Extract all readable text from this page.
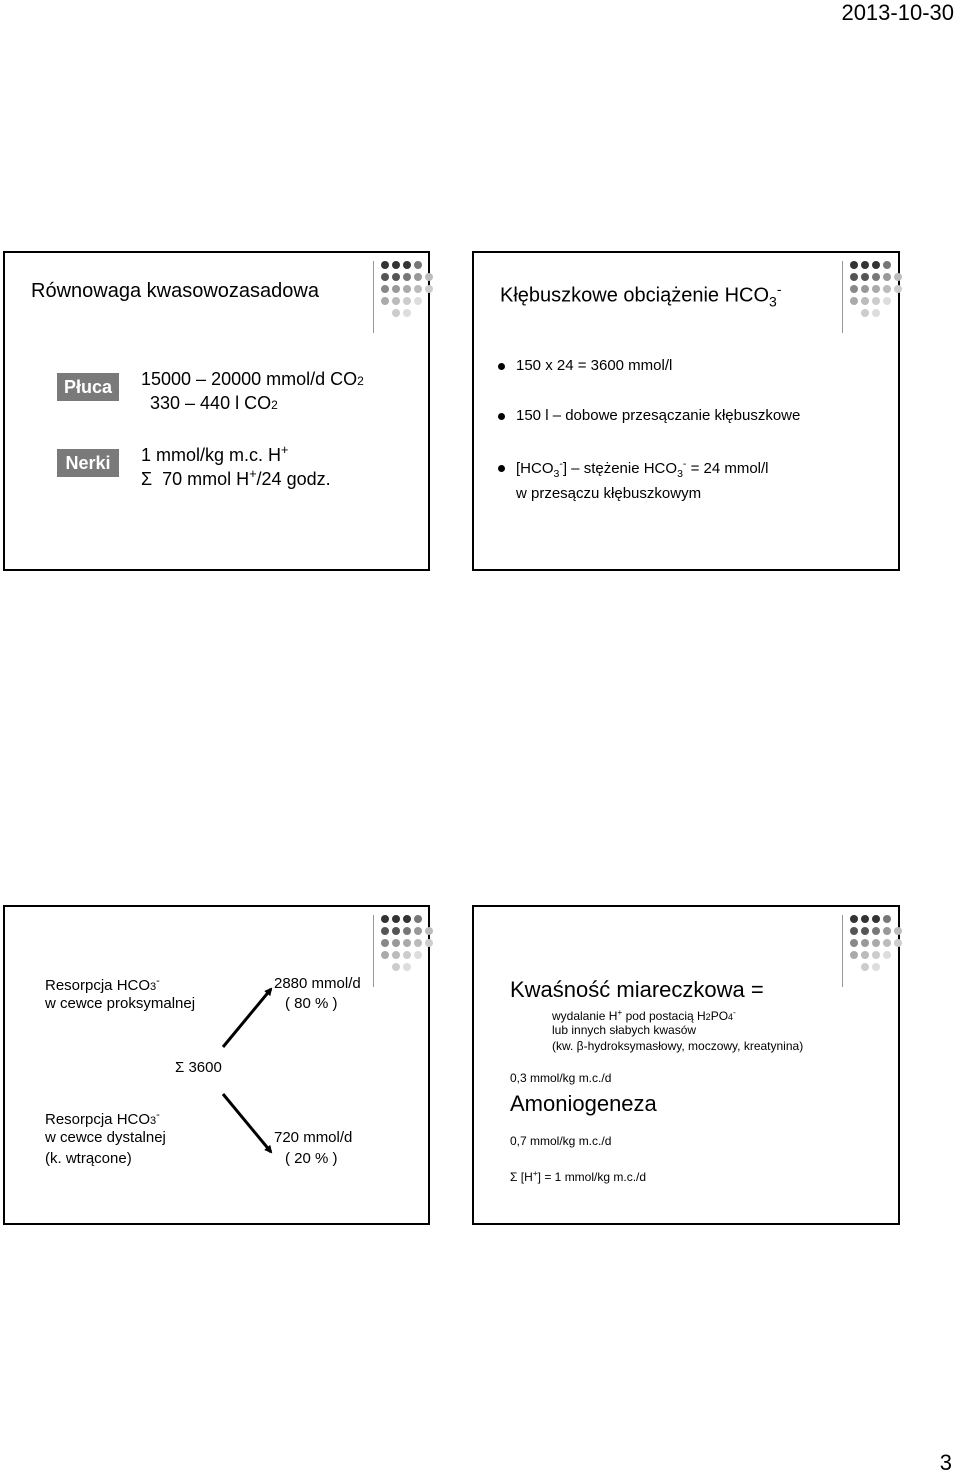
2013-10-30
3
Równowaga kwasowozasadowa
Płuca
Nerki
15000 – 20000 mmol/d CO2
330 – 440 l CO2
1 mmol/kg m.c. H+
Σ 70 mmol H+/24 godz.
Kłębuszkowe obciążenie $HCO_3^-$
150 x 24 = 3600 mmol/l
150 l – dobowe przesączanie kłębuszkowe
$[HCO_3^-]$ – stężenie $HCO_3^- = 24$ mmol/l
w przesączu kłębuszkowym
Resorpcja HCO3-
w cewce proksymalnej
2880 mmol/d
( 80 % )
Σ 3600
Resorpcja HCO3-
w cewce dystalnej
(k. wtrącone)
720 mmol/d
( 20 % )
Kwaśność miareczkowa =
wydalanie H+ pod postacią H2PO4-
lub innych słabych kwasów
(kw. β-hydroksymasłowy, moczowy, kreatynina)
0,3 mmol/kg m.c./d
Amoniogeneza
0,7 mmol/kg m.c./d
Σ [H+] = 1 mmol/kg m.c./d
